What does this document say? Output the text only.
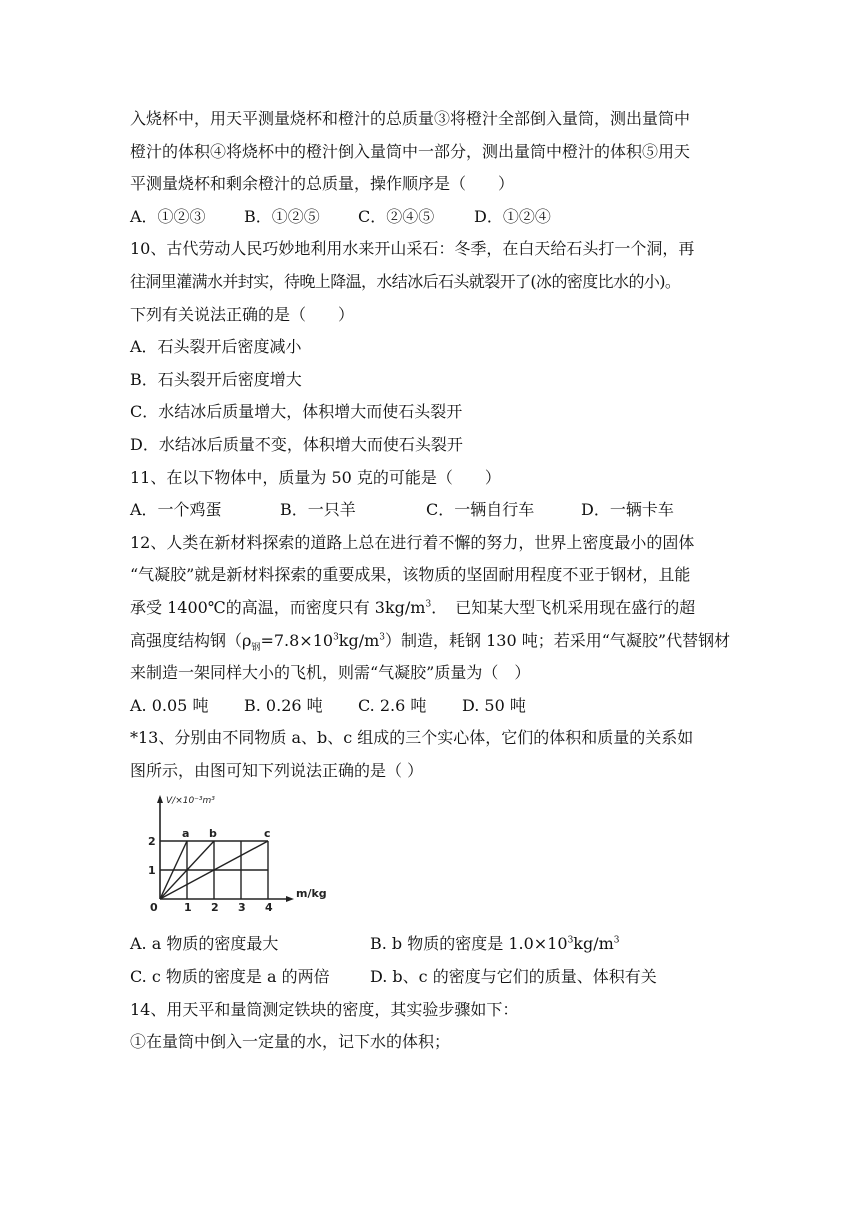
入烧杯中，用天平测量烧杯和橙汁的总质量③将橙汁全部倒入量筒，测出量筒中
橙汁的体积④将烧杯中的橙汁倒入量筒中一部分，测出量筒中橙汁的体积⑤用天
平测量烧杯和剩余橙汁的总质量，操作顺序是（　　）
A．①②③	B．①②⑤	C．②④⑤	D．①②④
10、古代劳动人民巧妙地利用水来开山采石：冬季，在白天给石头打一个洞，再
往洞里灌满水并封实，待晚上降温，水结冰后石头就裂开了(冰的密度比水的小)。
下列有关说法正确的是（　　）
A．石头裂开后密度减小
B．石头裂开后密度增大
C．水结冰后质量增大，体积增大而使石头裂开
D．水结冰后质量不变，体积增大而使石头裂开
11、在以下物体中，质量为 50 克的可能是（　　）
A．一个鸡蛋	B．一只羊	C．一辆自行车	D．一辆卡车
12、人类在新材料探索的道路上总在进行着不懈的努力，世界上密度最小的固体
“气凝胶”就是新材料探索的重要成果，该物质的坚固耐用程度不亚于钢材，且能
承受 1400℃的高温，而密度只有 $3kg/m^3$．　已知某大型飞机采用现在盛行的超
高强度结构钢$(\rho_钢=7.8\times 10^3kg/m^3)$制造，耗钢 130 吨；若采用“气凝胶”代替钢材
来制造一架同样大小的飞机，则需“气凝胶”质量为（　）
A. 0.05 吨	B. 0.26 吨	C. 2.6 吨	D. 50 吨
*13、分别由不同物质 a、b、c 组成的三个实心体，它们的体积和质量的关系如
图所示，由图可知下列说法正确的是（ ）
a b	c
0 1 2 3 4
1
2
V/×10⁻³m³
m/kg
A. a 物质的密度最大	B. b 物质的密度是 $1.0\times 10^3kg/m^3$
C. c 物质的密度是 a 的两倍	D. b、c 的密度与它们的质量、体积有关
14、用天平和量筒测定铁块的密度，其实验步骤如下：
①在量筒中倒入一定量的水，记下水的体积；
